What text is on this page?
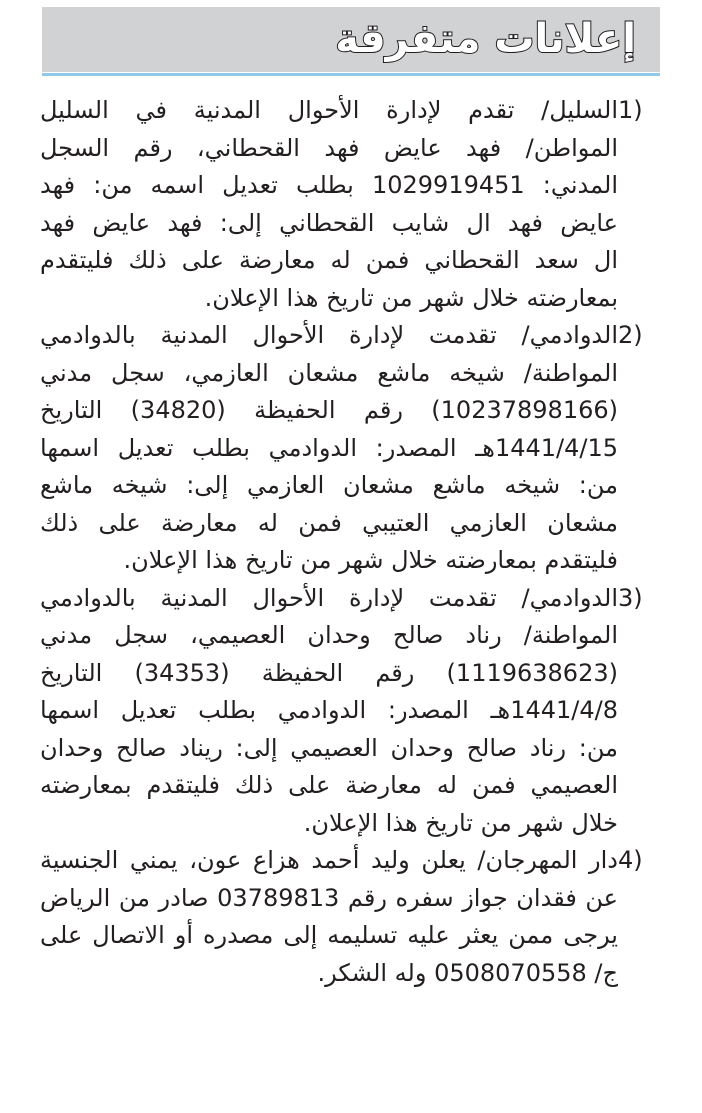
إعلانات متفرقة
1)السليل/ تقدم لإدارة الأحوال المدنية في السليل
المواطن/ فهد عايض فهد القحطاني، رقم السجل
المدني: 1029919451 بطلب تعديل اسمه من: فهد
عايض فهد ال شايب القحطاني إلى: فهد عايض فهد
ال سعد القحطاني فمن له معارضة على ذلك فليتقدم
بمعارضته خلال شهر من تاريخ هذا الإعلان.
2)الدوادمي/ تقدمت لإدارة الأحوال المدنية بالدوادمي
المواطنة/ شيخه ماشع مشعان العازمي، سجل مدني
(10237898166) رقم الحفيظة (34820) التاريخ
1441/4/15هـ المصدر: الدوادمي بطلب تعديل اسمها
من: شيخه ماشع مشعان العازمي إلى: شيخه ماشع
مشعان العازمي العتيبي فمن له معارضة على ذلك
فليتقدم بمعارضته خلال شهر من تاريخ هذا الإعلان.
3)الدوادمي/ تقدمت لإدارة الأحوال المدنية بالدوادمي
المواطنة/ رناد صالح وحدان العصيمي، سجل مدني
(1119638623) رقم الحفيظة (34353) التاريخ
1441/4/8هـ المصدر: الدوادمي بطلب تعديل اسمها
من: رناد صالح وحدان العصيمي إلى: ريناد صالح وحدان
العصيمي فمن له معارضة على ذلك فليتقدم بمعارضته
خلال شهر من تاريخ هذا الإعلان.
4)دار المهرجان/ يعلن وليد أحمد هزاع عون، يمني الجنسية
عن فقدان جواز سفره رقم 03789813 صادر من الرياض
يرجى ممن يعثر عليه تسليمه إلى مصدره أو الاتصال على
ج/ 0508070558 وله الشكر.
